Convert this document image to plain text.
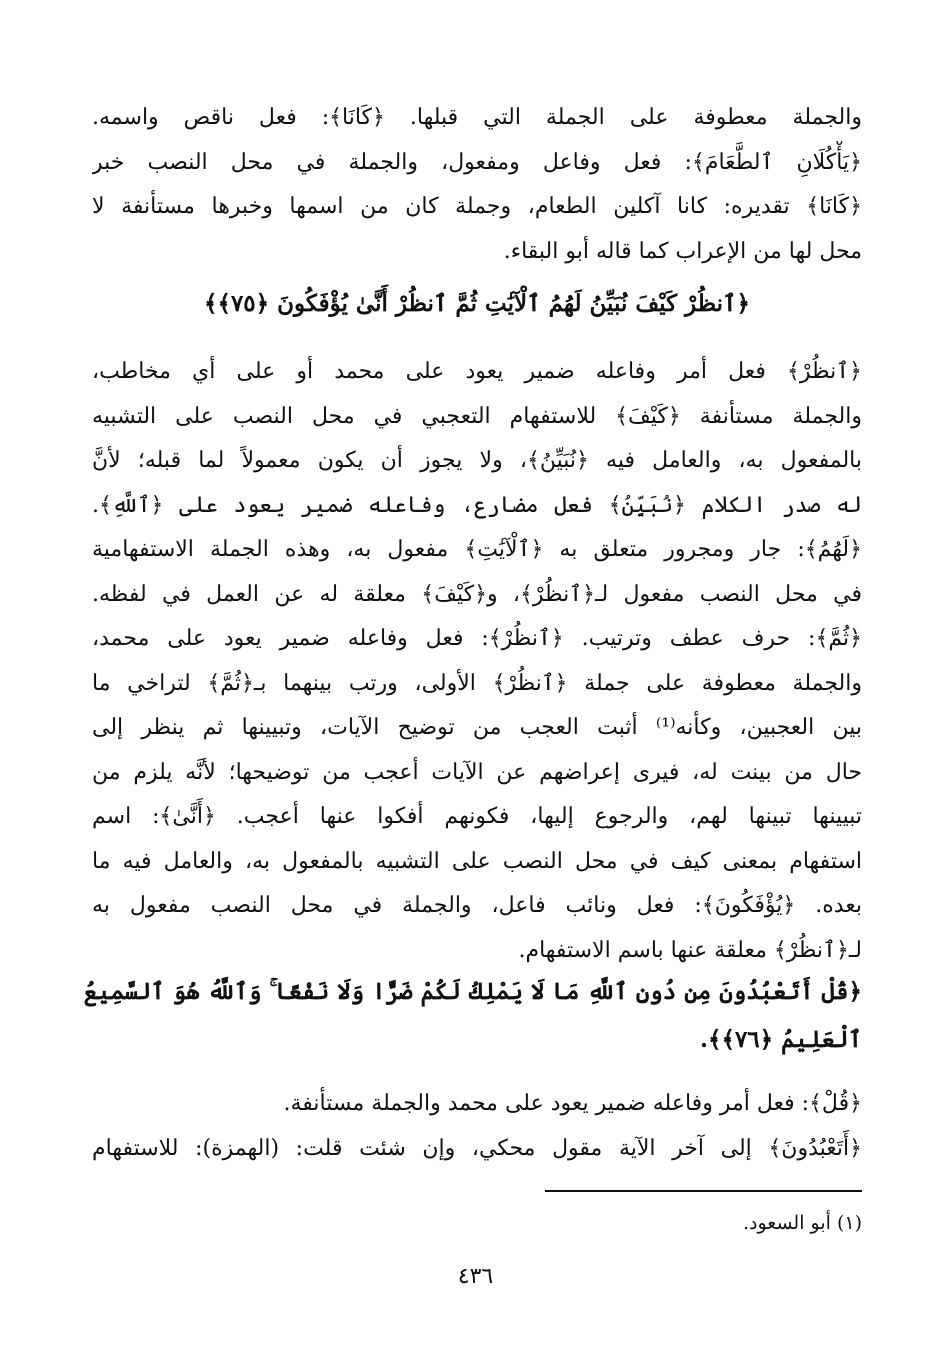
والجملة معطوفة على الجملة التي قبلها. ﴿كَانَا﴾: فعل ناقص واسمه.
﴿يَأْكُلَانِ ٱلطَّعَامَ﴾: فعل وفاعل ومفعول، والجملة في محل النصب خبر
﴿كَانَا﴾ تقديره: كانا آكلين الطعام، وجملة كان من اسمها وخبرها مستأنفة لا
محل لها من الإعراب كما قاله أبو البقاء.
﴿ٱنظُرْ كَيْفَ نُبَيِّنُ لَهُمُ ٱلْآيَٰتِ ثُمَّ ٱنظُرْ أَنَّىٰ يُؤْفَكُونَ ﴿٧٥﴾﴾
﴿ٱنظُرْ﴾ فعل أمر وفاعله ضمير يعود على محمد أو على أي مخاطب،
والجملة مستأنفة ﴿كَيْفَ﴾ للاستفهام التعجبي في محل النصب على التشبيه
بالمفعول به، والعامل فيه ﴿نُبَيِّنُ﴾، ولا يجوز أن يكون معمولاً لما قبله؛ لأنَّ
له صدر الكلام ﴿نُبَيِّنُ﴾ فعل مضارع، وفاعله ضمير يعود على ﴿ٱللَّهِ﴾.
﴿لَهُمُ﴾: جار ومجرور متعلق به ﴿ٱلْآيَٰتِ﴾ مفعول به، وهذه الجملة الاستفهامية
في محل النصب مفعول لـ﴿ٱنظُرْ﴾، و﴿كَيْفَ﴾ معلقة له عن العمل في لفظه.
﴿ثُمَّ﴾: حرف عطف وترتيب. ﴿ٱنظُرْ﴾: فعل وفاعله ضمير يعود على محمد،
والجملة معطوفة على جملة ﴿ٱنظُرْ﴾ الأولى، ورتب بينهما بـ﴿ثُمَّ﴾ لتراخي ما
بين العجبين، وكأنه⁽¹⁾ أثبت العجب من توضيح الآيات، وتبيينها ثم ينظر إلى
حال من بينت له، فيرى إعراضهم عن الآيات أعجب من توضيحها؛ لأنَّه يلزم من
تبيينها تبينها لهم، والرجوع إليها، فكونهم أفكوا عنها أعجب. ﴿أَنَّىٰ﴾: اسم
استفهام بمعنى كيف في محل النصب على التشبيه بالمفعول به، والعامل فيه ما
بعده. ﴿يُؤْفَكُونَ﴾: فعل ونائب فاعل، والجملة في محل النصب مفعول به
لـ﴿ٱنظُرْ﴾ معلقة عنها باسم الاستفهام.
﴿قُلْ أَتَعْبُدُونَ مِن دُونِ ٱللَّهِ مَا لَا يَمْلِكُ لَكُمْ ضَرًّا وَلَا نَفْعًا ۚ وَٱللَّهُ هُوَ ٱلسَّمِيعُ
ٱلْعَلِيمُ ﴿٧٦﴾﴾.
﴿قُلْ﴾: فعل أمر وفاعله ضمير يعود على محمد والجملة مستأنفة.
﴿أَتَعْبُدُونَ﴾ إلى آخر الآية مقول محكي، وإن شئت قلت: (الهمزة): للاستفهام
(١) أبو السعود.
٤٣٦
